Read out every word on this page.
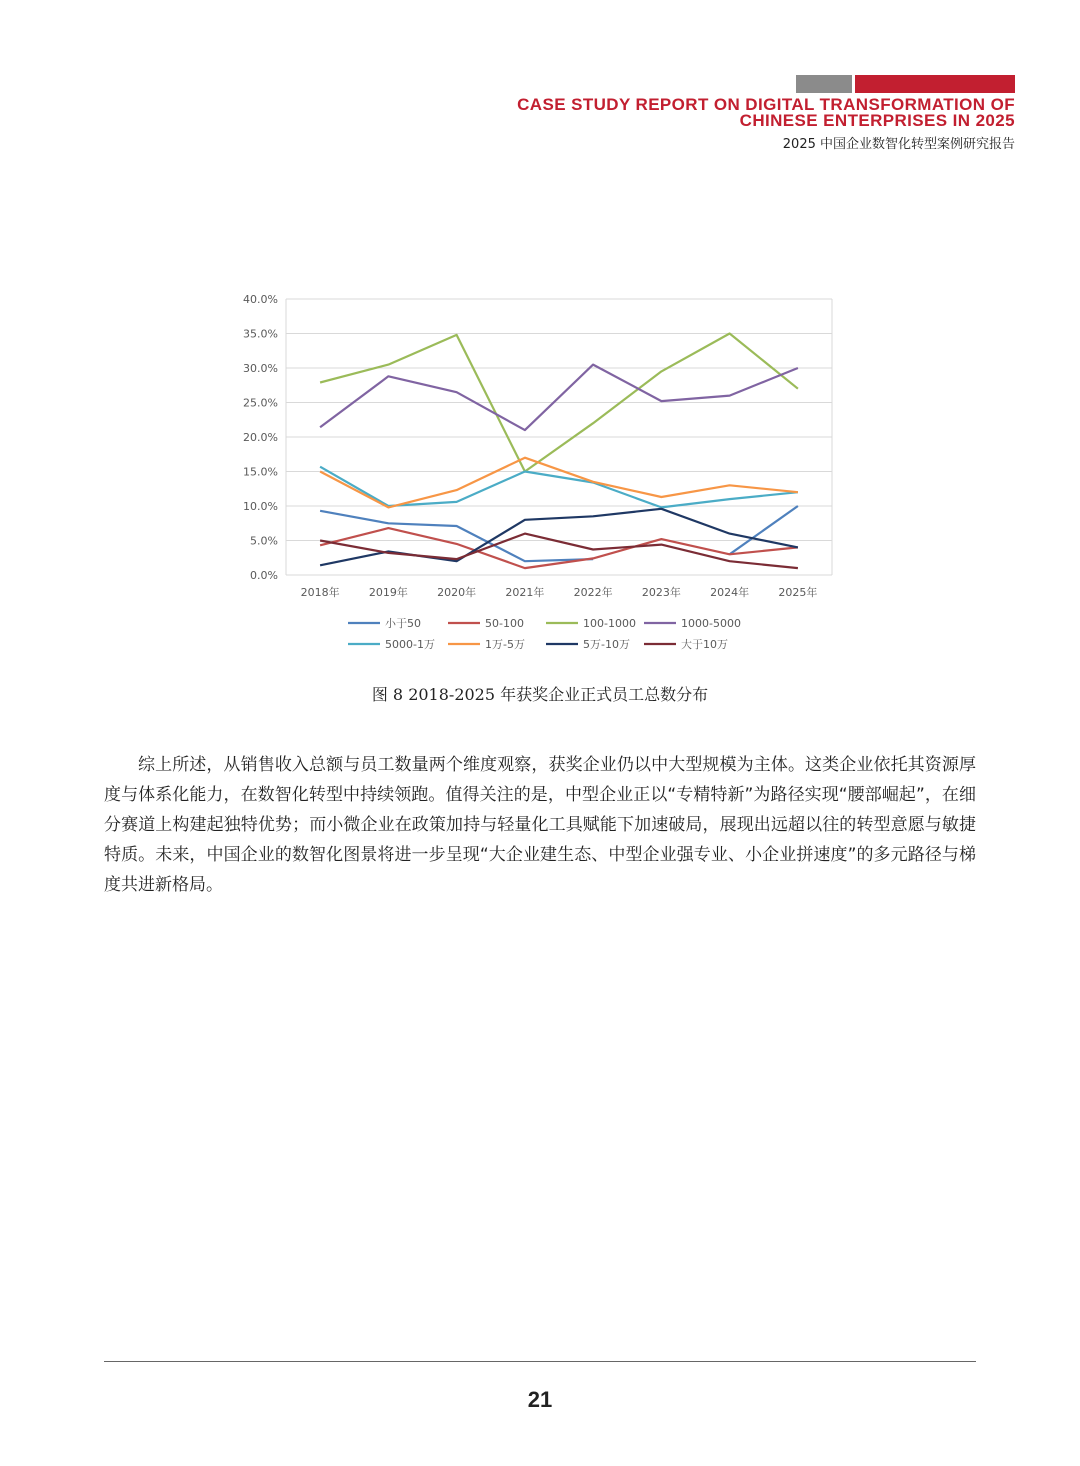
CASE STUDY REPORT ON DIGITAL TRANSFORMATION OF
CHINESE ENTERPRISES IN 2025
2025 中国企业数智化转型案例研究报告
0.0%
5.0%
10.0%
15.0%
20.0%
25.0%
30.0%
35.0%
40.0%
2018年	2019年	2020年	2021年	2022年	2023年	2024年	2025年
小于50	50-100	100-1000	1000-5000
5000-1万	1万-5万	5万-10万	大于10万
图 8 2018-2025 年获奖企业正式员工总数分布

综上所述，从销售收入总额与员工数量两个维度观察，获奖企业仍以中大型规模为主体。这类企业依托其资源厚度与体系化能力，在数智化转型中持续领跑。值得关注的是，中型企业正以“专精特新”为路径实现“腰部崛起”，在细分赛道上构建起独特优势；而小微企业在政策加持与轻量化工具赋能下加速破局，展现出远超以往的转型意愿与敏捷特质。未来，中国企业的数智化图景将进一步呈现“大企业建生态、中型企业强专业、小企业拼速度”的多元路径与梯度共进新格局。

21
